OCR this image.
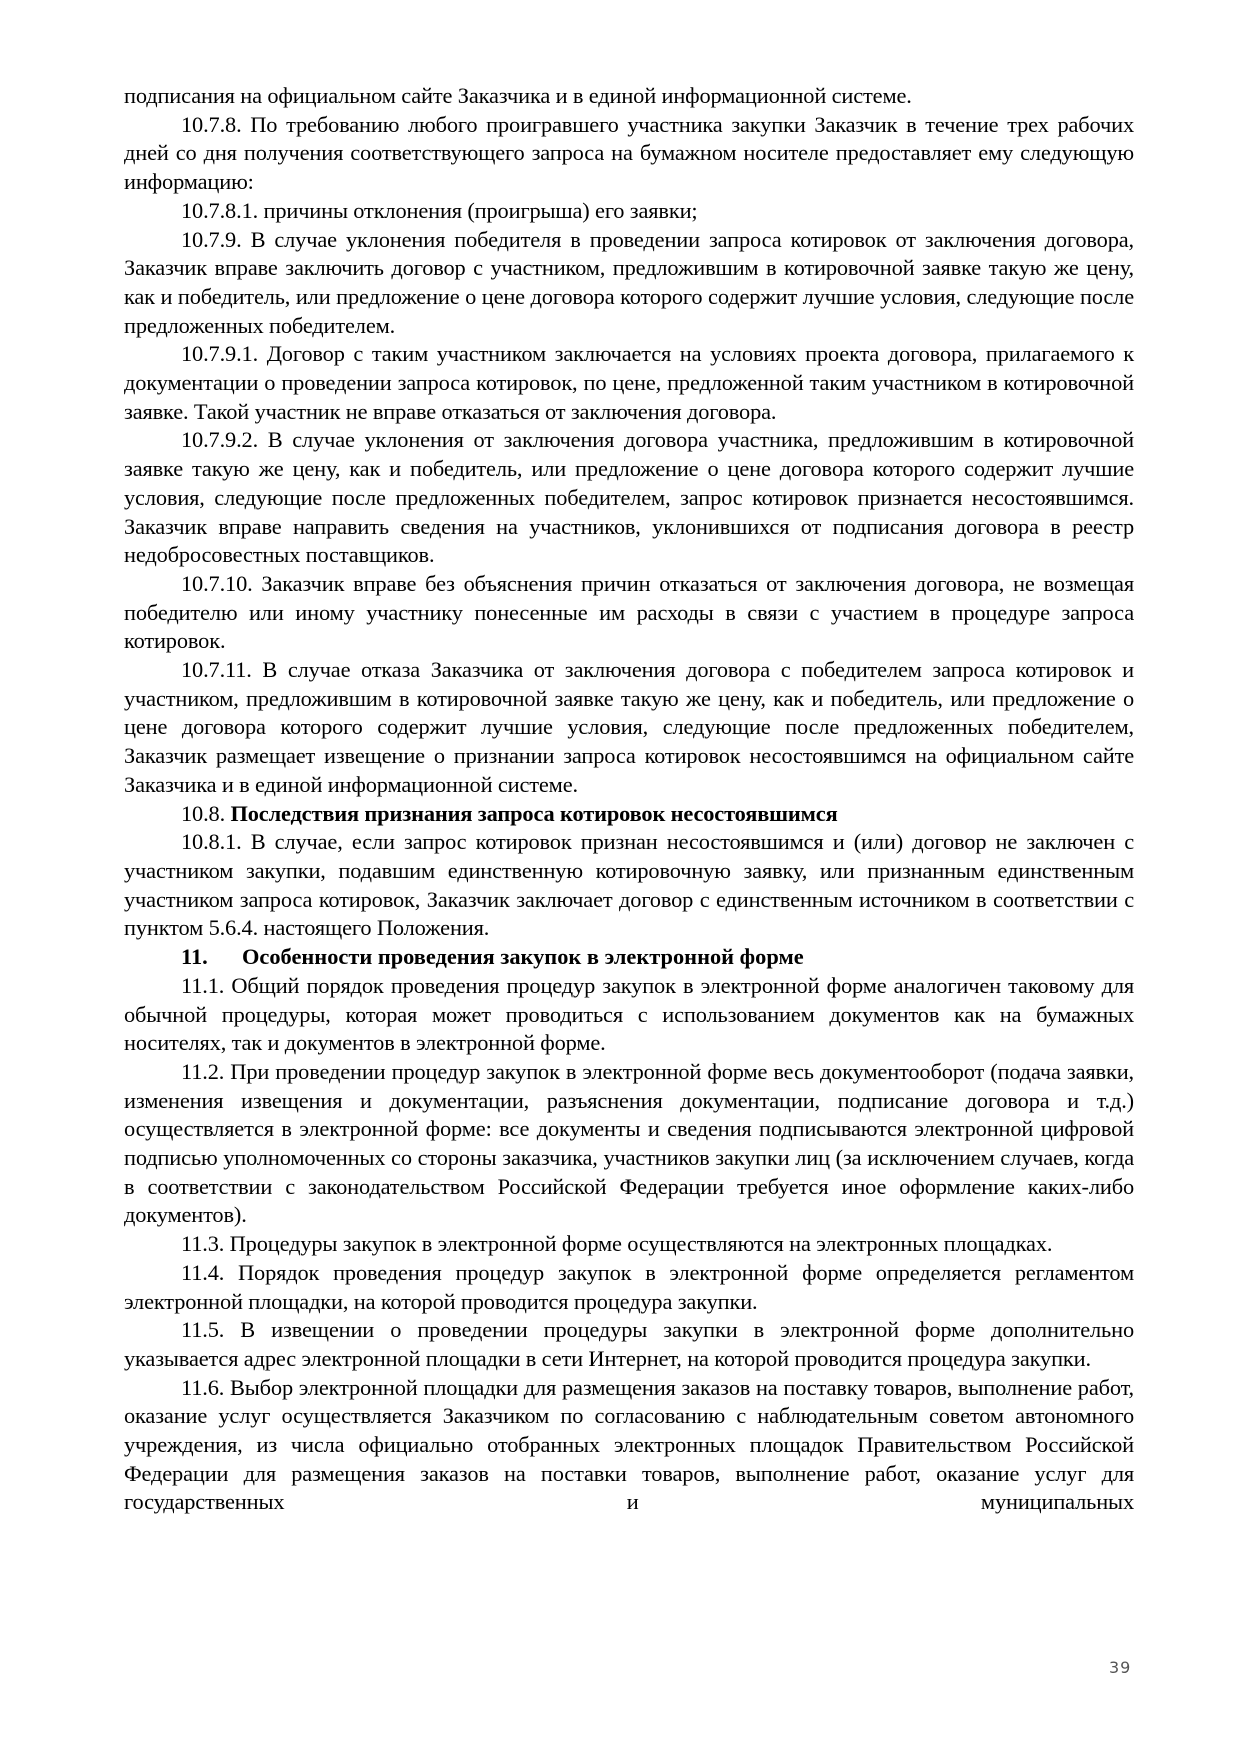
подписания на официальном сайте Заказчика и в единой информационной системе.

10.7.8. По требованию любого проигравшего участника закупки Заказчик в течение трех рабочих дней со дня получения соответствующего запроса на бумажном носителе предоставляет ему следующую информацию:

10.7.8.1. причины отклонения (проигрыша) его заявки;

10.7.9. В случае уклонения победителя в проведении запроса котировок от заключения договора, Заказчик вправе заключить договор с участником, предложившим в котировочной заявке такую же цену, как и победитель, или предложение о цене договора которого содержит лучшие условия, следующие после предложенных победителем.

10.7.9.1. Договор с таким участником заключается на условиях проекта договора, прилагаемого к документации о проведении запроса котировок, по цене, предложенной таким участником в котировочной заявке. Такой участник не вправе отказаться от заключения договора.

10.7.9.2. В случае уклонения от заключения договора участника, предложившим в котировочной заявке такую же цену, как и победитель, или предложение о цене договора которого содержит лучшие условия, следующие после предложенных победителем, запрос котировок признается несостоявшимся. Заказчик вправе направить сведения на участников, уклонившихся от подписания договора в реестр недобросовестных поставщиков.

10.7.10. Заказчик вправе без объяснения причин отказаться от заключения договора, не возмещая победителю или иному участнику понесенные им расходы в связи с участием в процедуре запроса котировок.

10.7.11. В случае отказа Заказчика от заключения договора с победителем запроса котировок и участником, предложившим в котировочной заявке такую же цену, как и победитель, или предложение о цене договора которого содержит лучшие условия, следующие после предложенных победителем, Заказчик размещает извещение о признании запроса котировок несостоявшимся на официальном сайте Заказчика и в единой информационной системе.

10.8. Последствия признания запроса котировок несостоявшимся

10.8.1. В случае, если запрос котировок признан несостоявшимся и (или) договор не заключен с участником закупки, подавшим единственную котировочную заявку, или признанным единственным участником запроса котировок, Заказчик заключает договор с единственным источником в соответствии с пунктом 5.6.4. настоящего Положения.

11. Особенности проведения закупок в электронной форме

11.1. Общий порядок проведения процедур закупок в электронной форме аналогичен таковому для обычной процедуры, которая может проводиться с использованием документов как на бумажных носителях, так и документов в электронной форме.

11.2. При проведении процедур закупок в электронной форме весь документооборот (подача заявки, изменения извещения и документации, разъяснения документации, подписание договора и т.д.) осуществляется в электронной форме: все документы и сведения подписываются электронной цифровой подписью уполномоченных со стороны заказчика, участников закупки лиц (за исключением случаев, когда в соответствии с законодательством Российской Федерации требуется иное оформление каких-либо документов).

11.3. Процедуры закупок в электронной форме осуществляются на электронных площадках.

11.4. Порядок проведения процедур закупок в электронной форме определяется регламентом электронной площадки, на которой проводится процедура закупки.

11.5. В извещении о проведении процедуры закупки в электронной форме дополнительно указывается адрес электронной площадки в сети Интернет, на которой проводится процедура закупки.

11.6. Выбор электронной площадки для размещения заказов на поставку товаров, выполнение работ, оказание услуг осуществляется Заказчиком по согласованию с наблюдательным советом автономного учреждения, из числа официально отобранных электронных площадок Правительством Российской Федерации для размещения заказов на поставки товаров, выполнение работ, оказание услуг для государственных и муниципальных

39
